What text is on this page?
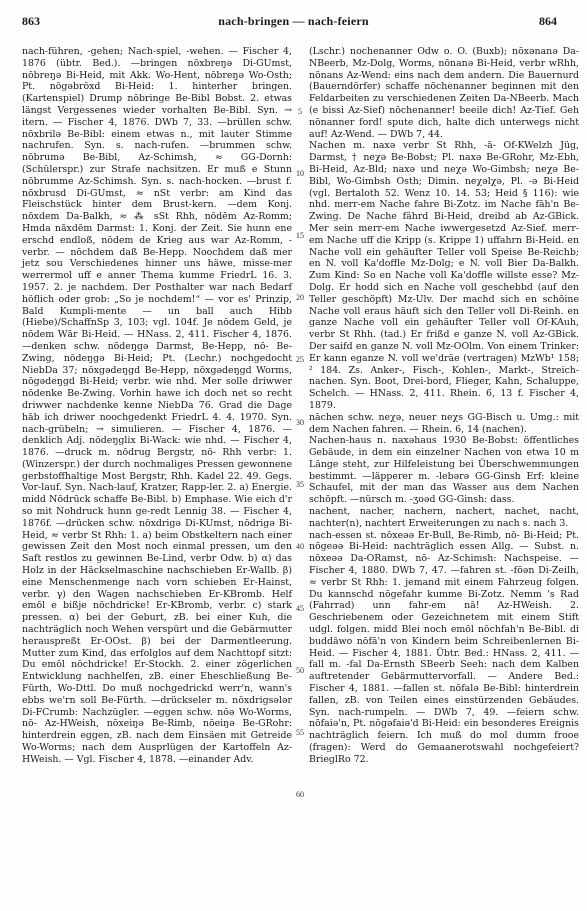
863	nach-bringen — nach-feiern	864

nach-führen, -gehen; Nach-spiel, -wehen. — Fischer 4, 1876 (übtr. Bed.). —bringen nōxbreŋə Di-GUmst, nōbreŋə Bi-Heid, mit Akk. Wo-Hent, nōbreŋə Wo-Osth; Pt. nōgəbrōxd Bi-Heid: 1. hinterher bringen. (Kartenspiel) Drump nōbringe Be-Bibl Bobst. 2. etwas längst Vergessenes wieder vorhalten Be-Bibl. Syn. → itern. — Fischer 4, 1876. DWb 7, 33. —brüllen schw. nōxbrilə Be-Bibl: einem etwas n., mit lauter Stimme nachrufen. Syn. s. nach-rufen. —brummen schw. nōbrumə Be-Bibl, Az-Schimsh, ≈ GG-Dornh: (Schülerspr.) zur Strafe nachsitzen. Er muß e Stunn nōbrumme Az-Schimsh. Syn. s. nach-hocken. —brust f. nōxbrusd Di-GUmst, ≈ nSt verbr: am Kind das Fleischstück hinter dem Brust-kern. —dem Konj. nōxdem Da-Balkh, ≈ ⁂ sSt Rhh, nōdēm Az-Romm; Hmda nāxdēm Darmst: 1. Konj. der Zeit. Sie hunn ene erschd endloß, nōdem de Krieg aus war Az-Romm, - verbr. — nōchdem daß Be-Hepp. Noochdem daß mer jetz sou Verschiedenes hinner uns häwe, misse-mer werrermol uff e anner Thema kumme FriedrL 16. 3. 1957. 2. je nachdem. Der Posthalter war nach Bedarf höflich oder grob: „So je nochdem!“ — vor es' Prinzip, Bald Kumpli-mente — un ball auch Hibb (Hiebe)/SchaffnSp 3, 103; vgl. 104f. Je nōdem Geld, je nōdem Wār Bi-Heid. — HNass. 2, 411. Fischer 4, 1876. —denken schw. nōdeŋgə Darmst, Be-Hepp, nō- Be-Zwing, nōdeŋgə Bi-Heid; Pt. (Lechr.) nochgedocht NiebDa 37; nōxgədeŋgd Be-Hepp, nōxgədeŋgd Worms, nōgədeŋgd Bi-Heid; verbr. wie nhd. Mer solle driwwer nōdenke Be-Zwing. Vorhin hawe ich doch net so recht driwwer nachdenke kenne NiebDa 76. Grad die Dage hāb ich driwer noochgedenkt FriedrL 4. 4. 1970. Syn. nach-grübeln; → simulieren. — Fischer 4, 1876. —denklich Adj. nōdeŋglix Bi-Wack: wie nhd. — Fischer 4, 1876. —druck m. nōdrug Bergstr, nō- Rhh verbr: 1. (Winzerspr.) der durch nochmaliges Pressen gewonnene gerbstoffhaltige Most Bergstr, Rhh. Kadel 22. 49. Gegs. Vor-lauf. Syn. Nach-lauf, Kratzer, Rapp-ler. 2. a) Energie. midd Nōdrūck schaffe Be-Bibl. b) Emphase. Wie eich d'r so mit Nohdruck hunn ge-redt Lennig 38. — Fischer 4, 1876f. —drücken schw. nōxdrigə Di-KUmst, nōdrigə Bi-Heid, ≈ verbr St Rhh: 1. a) beim Obstkeltern nach einer gewissen Zeit den Most noch einmal pressen, um den Saft restlos zu gewinnen Be-Lind, verbr Odw. b) α) das Holz in der Häckselmaschine nachschieben Er-Wallb. β) eine Menschenmenge nach vorn schieben Er-Hainst, verbr. γ) den Wagen nachschieben Er-KBromb. Helf emōl e bißje nōchdricke! Er-KBromb, verbr. c) stark pressen. α) bei der Geburt, zB. bei einer Kuh, die nachträglich noch Wehen verspürt und die Gebärmutter herauspreßt Er-OOst. β) bei der Darmentleerung. Mutter zum Kind, das erfolglos auf dem Nachttopf sitzt: Du emōl nōchdricke! Er-Stockh. 2. einer zögerlichen Entwicklung nachhelfen, zB. einer Eheschließung Be-Fürth, Wo-Dttl. Do muß nochgedrickd werr'n, wann's ebbs we'rn soll Be-Fürth. —drückseler m. nōxdrigsələr Di-FCrumb: Nachzügler. —eggen schw. nōə Wo-Worms, nō- Az-HWeish, nōxeiŋə Be-Rimb, nōeiŋə Be-GRohr: hinterdrein eggen, zB. nach dem Einsäen mit Getreide Wo-Worms; nach dem Ausprlügen der Kartoffeln Az-HWeish. — Vgl. Fischer 4, 1878. —einander Adv.

5
10
15
20
25
30
35
40
45
50
55
60

(Lschr.) nochenanner Odw o. O. (Buxb); nōxənanə Da-NBeerb, Mz-Dolg, Worms, nōnanə Bi-Heid, verbr wRhh, nōnans Az-Wend: eins nach dem andern. Die Bauernurd (Bauerndörfer) schaffe nōchenanner beginnen mit den Feldarbeiten zu verschiedenen Zeiten Da-NBeerb. Mach (e bissi Az-Sief) nōchenanner! beeile dich! Az-Tief. Geh nōnanner ford! spute dich, halte dich unterwegs nicht auf! Az-Wend. — DWb 7, 44.

Nachen m. naxə verbr St Rhh, -ā- Of-KWelzh Jüg, Darmst, † neχə Be-Bobst; Pl. naxə Be-GRohr, Mz-Ebh, Bi-Heid, Az-Bld; naxə und neχə Wo-Gimbsh; neχə Be-Bibl, Wo-Gimbsh Osth; Dimin. neχəlχə, Pl. -ə Bi-Heid (vgl. Bertaloth 52. Wenz 10. 14. 53; Heid § 116): wie nhd. merr-em Nache fahre Bi-Zotz. im Nache fāh'n Be-Zwing. De Nache fährd Bi-Heid, dreibd ab Az-GBick. Mer sein merr-em Nache iwwergesetzd Az-Sief. merr-em Nache uff die Kripp (s. Krippe 1) uffahrn Bi-Heid. en Nache voll ein gehäufter Teller voll Speise Be-Reichb; en N. voll Ka'doffle Mz-Dolg; e N. voll Bier Da-Balkh. Zum Kind: So en Nache voll Ka'doffle willste esse? Mz-Dolg. Er hodd sich en Nache voll geschebbd (auf den Teller geschöpft) Mz-Ulv. Der machd sich en schōine Nache voll eraus häuft sich den Teller voll Di-Reinh. en ganze Nache voll ein gehäufter Teller voll Of-KAuh, verbr St Rhh. (tad.) Er frißd e ganze N. voll Az-GBick. Der saifd en ganze N. voll Mz-OOlm. Von einem Trinker: Er kann eganze N. voll we'dräe (vertragen) MzWb¹ 158; ² 184. Zs. Anker-, Fisch-, Kohlen-, Markt-, Streich-nachen. Syn. Boot, Drei-bord, Flieger, Kahn, Schaluppe, Schelch. — HNass. 2, 411. Rhein. 6, 13 f. Fischer 4, 1879.

nāchen schw. neχə, neuer neχs GG-Bisch u. Umg.: mit dem Nachen fahren. — Rhein. 6, 14 (nachen).

Nachen-haus n. naxəhaus 1930 Be-Bobst: öffentliches Gebäude, in dem ein einzelner Nachen von etwa 10 m Länge steht, zur Hilfeleistung bei Überschwemmungen bestimmt. —läpperer m. -lebərə GG-Ginsh Erf: kleine Schaufel, mit der man das Wasser aus dem Nachen schöpft. —nürsch m. -ʒoəd GG-Ginsh: dass.

nachent, nacher, nachern, nachert, nachet, nacht, nachter(n), nachtert Erweiterungen zu nach s. nach 3.

nach-essen st. nōxeəə Er-Bull, Be-Rimb, nō- Bi-Heid; Pt. nōgeəə Bi-Heid: nachträglich essen Allg. — Subst. n. nōxeəə Da-ORamst, nō- Az-Schimsh: Nachspeise. — Fischer 4, 1880. DWb 7, 47. —fahren st. -fōən Di-Zeilh, ≈ verbr St Rhh: 1. jemand mit einem Fahrzeug folgen. Du kannschd nōgefahr kumme Bi-Zotz. Nemm 's Rad (Fahrrad) unn fahr-em nā! Az-HWeish. 2. Geschriebenem oder Gezeichnetem mit einem Stift udgl. folgen. midd Blei noch emōl nōchfah'n Be-Bibl. di buddāwo nōfā'n von Kindern beim Schreibenlernen Bi-Heid. — Fischer 4, 1881. Übtr. Bed.: HNass. 2, 411. —fall m. -fal Da-Ernsth SBeerb Seeh: nach dem Kalben auftretender Gebärmuttervorfall. — Andere Bed.: Fischer 4, 1881. —fallen st. nōfalə Be-Bibl: hinterdrein fallen, zB. von Teilen eines einstürzenden Gebäudes. Syn. nach-rumpeln. — DWb 7, 49. —feiern schw. nōfaiə'n, Pt. nōgəfaiə'd Bi-Heid: ein besonderes Ereignis nachträglich feiern. Ich muß do mol dumm frooe (fragen): Werd do Gemaanerotswahl nochgefeiert? BrieglRo 72.
